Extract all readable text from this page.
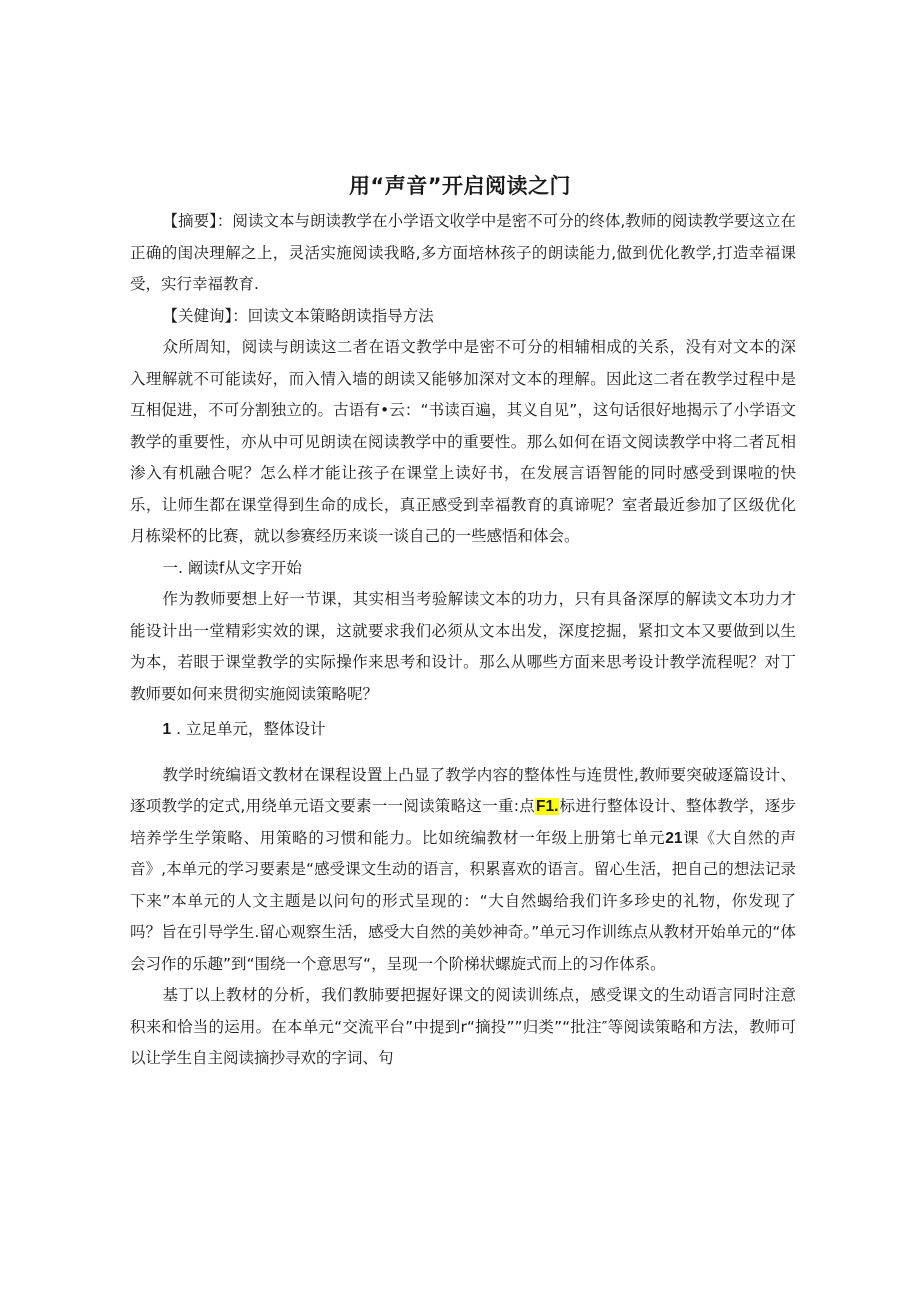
用“声音”开启阅读之门

【摘要】：阅读文本与朗读教学在小学语文收学中是密不可分的终体,教师的阅读教学要这立在正确的闺决理解之上，灵活实施阅读我略,多方面培林孩子的朗读能力,做到优化教学,打造幸福课受，实行幸福教育.

【关健询】：回读文本策略朗读指导方法

众所周知，阅读与朗读这二者在语文教学中是密不可分的相辅相成的关系，没有对文本的深入理解就不可能读好，而入情入墙的朗读又能够加深对文本的理解。因此这二者在教学过程中是互相促进，不可分割独立的。古语有•云：“书读百遍，其义自见”，这句话很好地揭示了小学语文教学的重要性，亦从中可见朗读在阅读教学中的重要性。那么如何在语文阅读教学中将二者瓦相渗入有机融合呢？怎么样才能让孩子在课堂上读好书，在发展言语智能的同时感受到课啦的快乐，让师生都在课堂得到生命的成长，真正感受到幸福教育的真谛呢？室者最近参加了区级优化月栋梁杯的比赛，就以参赛经历来谈一谈自己的一些感悟和体会。

一. 阚读f从文字开始

作为教师要想上好一节课，其实相当考验解读文本的功力，只有具备深厚的解读文本功力才能设计出一堂精彩实效的课，这就要求我们必须从文本出发，深度挖掘，紧扣文本又要做到以生为本，若眼于课堂教学的实际操作来思考和设计。那么从哪些方面来思考设计教学流程呢？对丁教师要如何来贯彻实施阅读策略呢？

1 . 立足单元，整体设计

教学时统编语文教材在课程设置上凸显了教学内容的整体性与连贯性,教师要突破逐篇设计、逐项教学的定式,用绕单元语文要素一一阅读策略这一重:点F1.标进行整体设计、整体教学，逐步培养学生学策略、用策略的习惯和能力。比如统编教材一年级上册第七单元21课《大自然的声音》,本单元的学习要素是“感受课文生动的语言，积累喜欢的语言。留心生活，把自己的想法记录下来”本单元的人文主题是以问句的形式呈现的：“大自然蝎给我们许多珍史的礼物，你发现了吗？旨在引导学生.留心观察生活，感受大自然的美妙神奇。”单元习作训练点从教材开始单元的“体会习作的乐趣”到“围绕一个意思写“，呈现一个阶梯状螺旋式而上的习作体系。

基丁以上教材的分析，我们教肺要把握好课文的阅读训练点，感受课文的生动语言同时注意积来和恰当的运用。在本单元“交流平台”中提到r“摘投””归类”“批注″等阅读策略和方法，教师可以让学生自主阅读摘抄寻欢的字词、句
